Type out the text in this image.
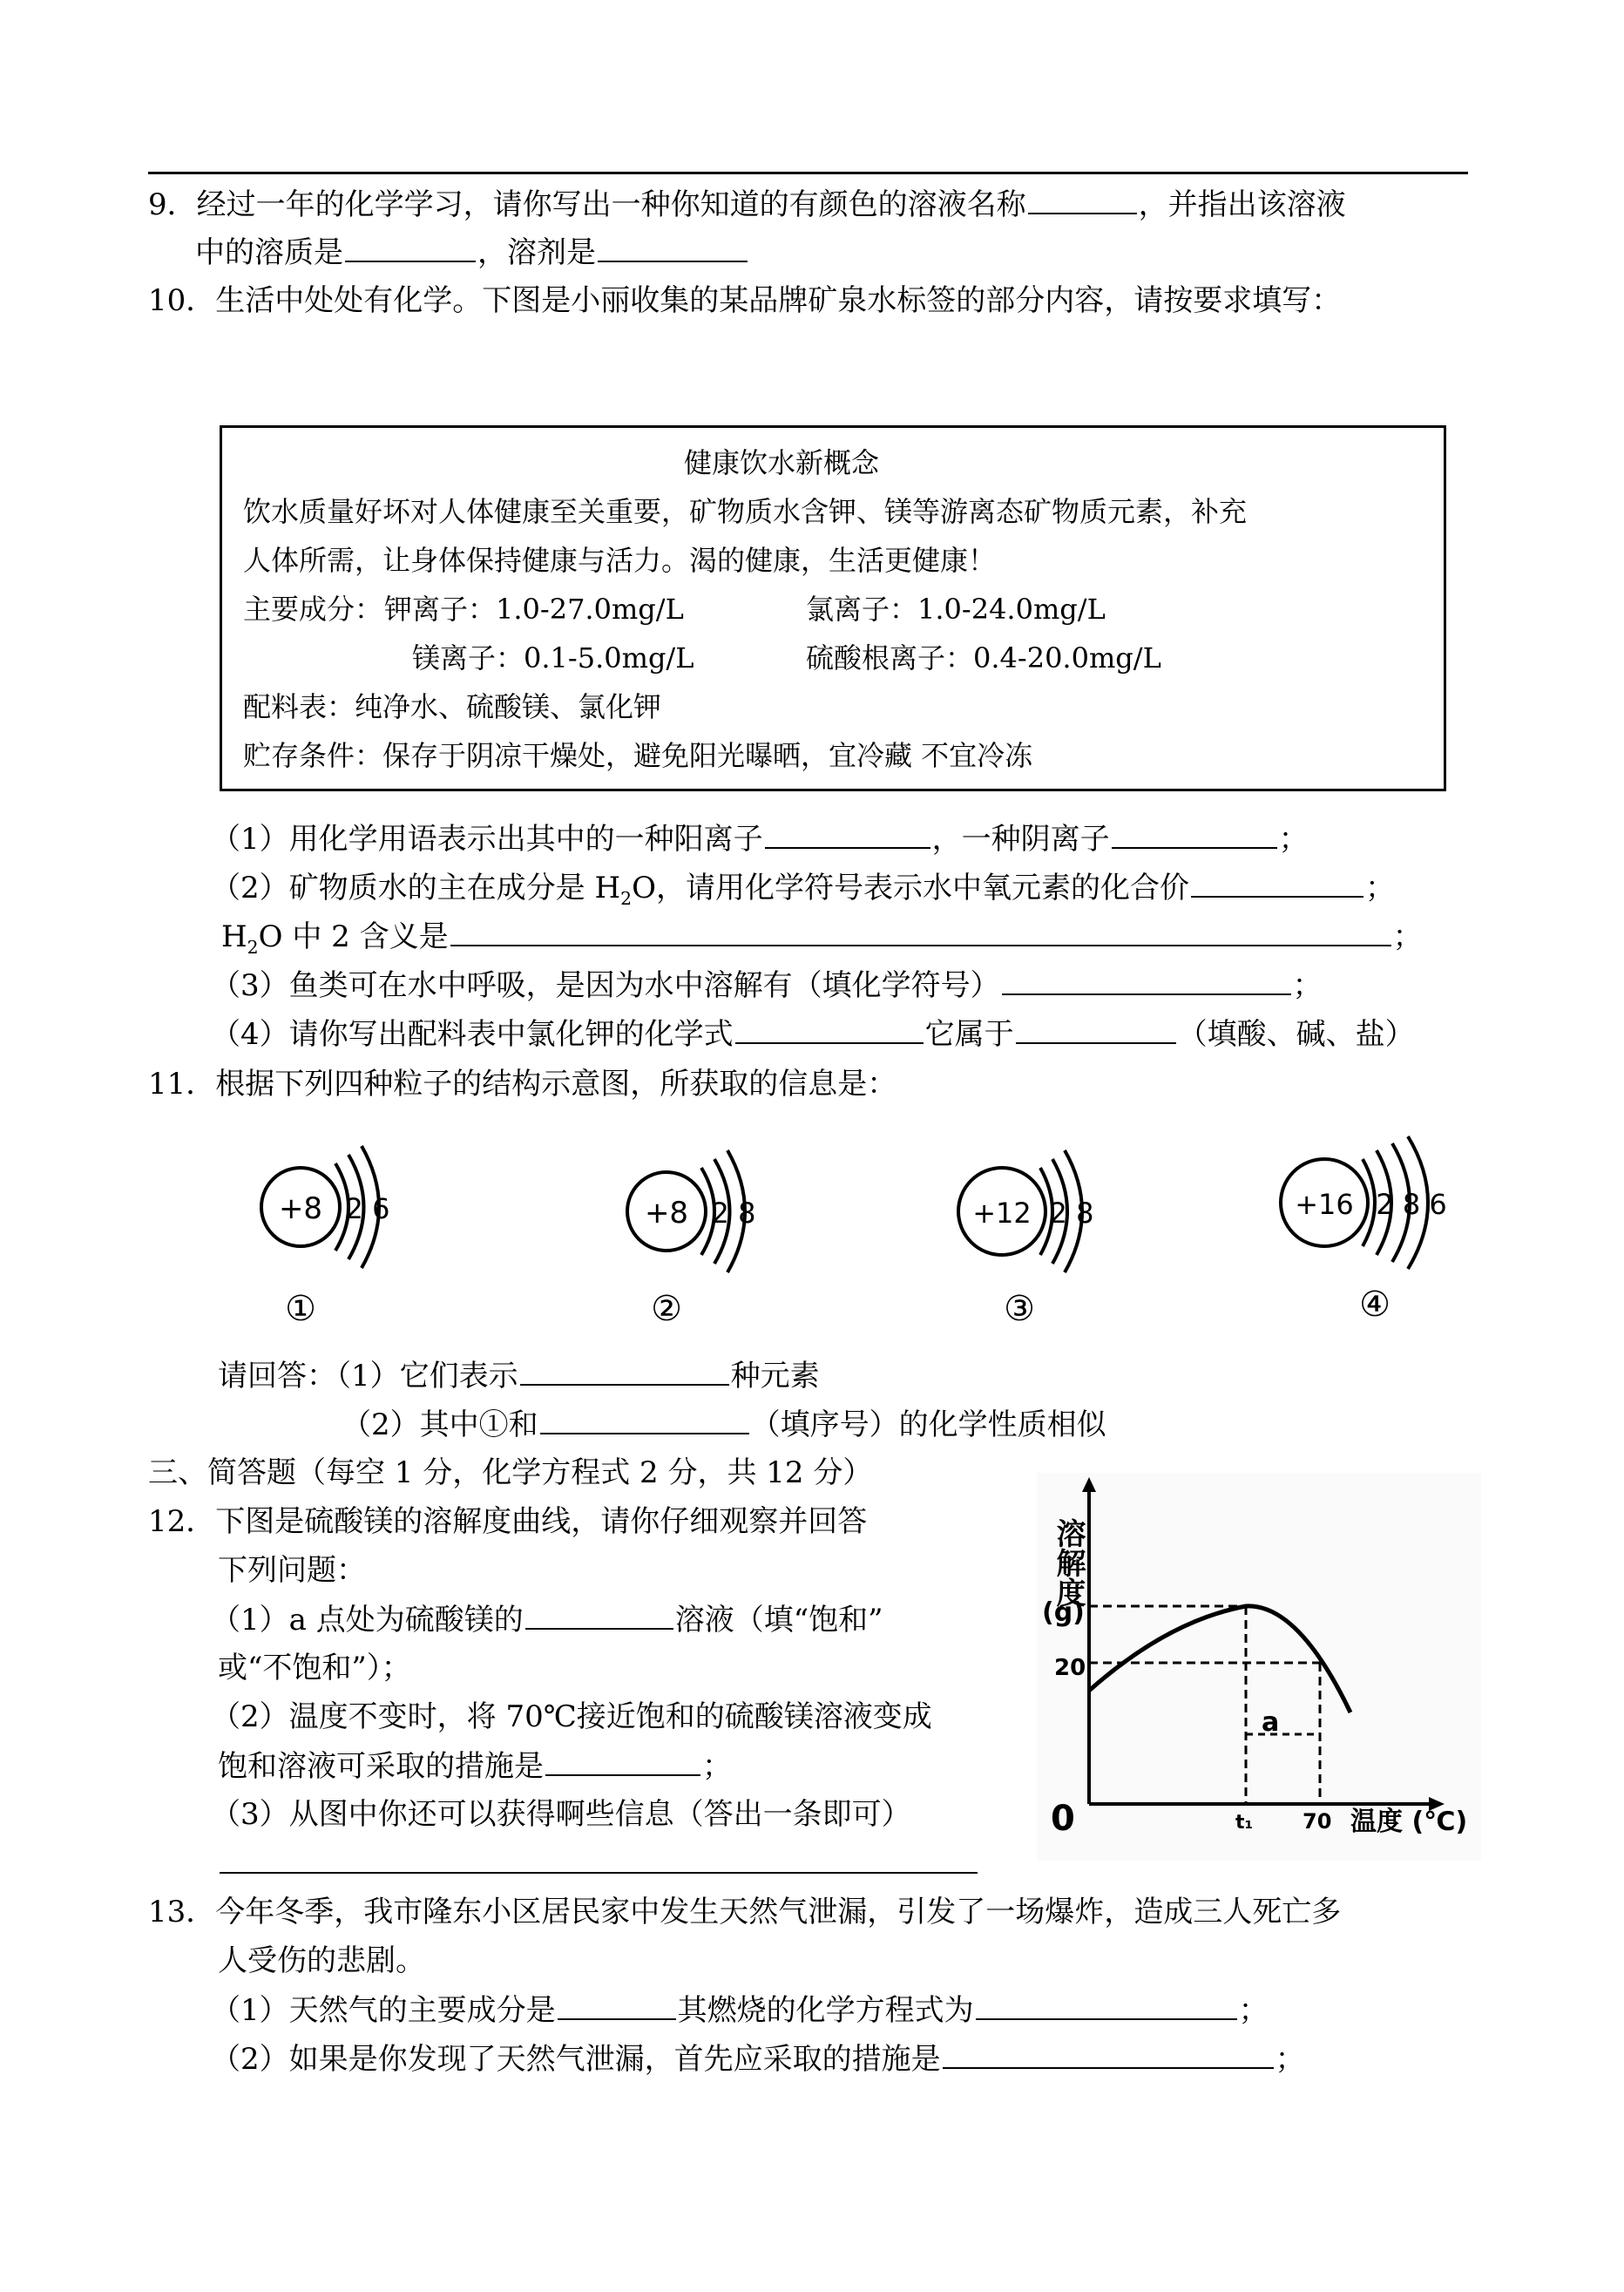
9．经过一年的化学学习，请你写出一种你知道的有颜色的溶液名称	，并指出该溶液
中的溶质是	，溶剂是
10．生活中处处有化学。下图是小丽收集的某品牌矿泉水标签的部分内容，请按要求填写：
健康饮水新概念
饮水质量好坏对人体健康至关重要，矿物质水含钾、镁等游离态矿物质元素，补充
人体所需，让身体保持健康与活力。渴的健康，生活更健康！
主要成分： 钾离子：1.0-27.0mg/L	氯离子：1.0-24.0mg/L
镁离子：0.1-5.0mg/L	硫酸根离子：0.4-20.0mg/L
配料表：纯净水、硫酸镁、氯化钾
贮存条件：保存于阴凉干燥处，避免阳光曝晒，宜冷藏 不宜冷冻
（1）用化学用语表示出其中的一种阳离子	，一种阴离子	；
（2）矿物质水的主在成分是 $H_2O$，请用化学符号表示水中氧元素的化合价	；
$H_2O$ 中 2 含义是	；
（3）鱼类可在水中呼吸，是因为水中溶解有（填化学符号）	；
（4）请你写出配料表中氯化钾的化学式	它属于	（填酸、碱、盐）
11．根据下列四种粒子的结构示意图，所获取的信息是：
+8 2 6
①
+8 2 8
②
+12 2 8
③
+16 2 8 6
④
请回答：（1）它们表示	种元素
（2）其中①和	（填序号）的化学性质相似
三、简答题（每空 1 分，化学方程式 2 分，共 12 分）
12．下图是硫酸镁的溶解度曲线，请你仔细观察并回答
下列问题：
（1）a 点处为硫酸镁的	溶液（填“饱和”
或“不饱和”）；
（2）温度不变时，将 70℃接近饱和的硫酸镁溶液变成
饱和溶液可采取的措施是	；
（3）从图中你还可以获得啊些信息（答出一条即可）
溶解度
(g)
20
0
a
t₁ 70 温度 (℃)
13．今年冬季，我市隆东小区居民家中发生天然气泄漏，引发了一场爆炸，造成三人死亡多
人受伤的悲剧。
（1）天然气的主要成分是	其燃烧的化学方程式为	；
（2）如果是你发现了天然气泄漏，首先应采取的措施是	；
